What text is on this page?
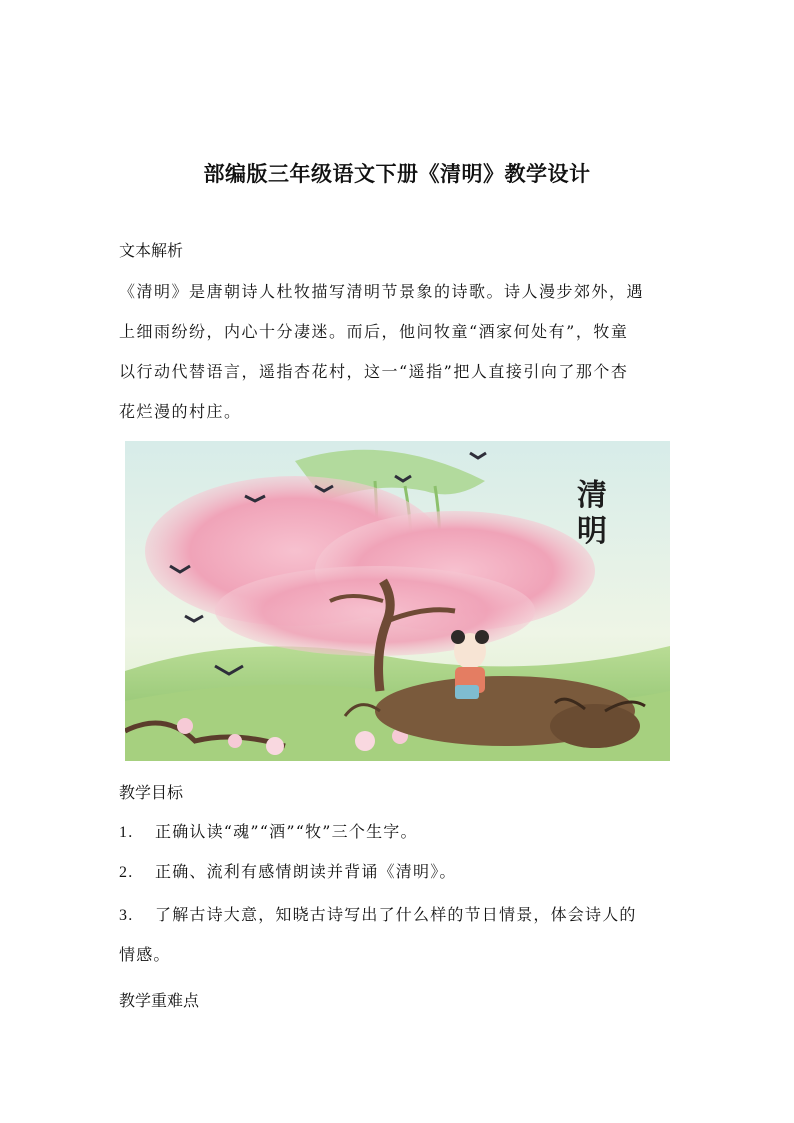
部编版三年级语文下册《清明》教学设计
文本解析
《清明》是唐朝诗人杜牧描写清明节景象的诗歌。诗人漫步郊外，遇
上细雨纷纷，内心十分凄迷。而后，他问牧童“酒家何处有”，牧童
以行动代替语言，遥指杏花村，这一“遥指”把人直接引向了那个杏
花烂漫的村庄。
清
明
教学目标
1. 正确认读“魂”“酒”“牧”三个生字。
2. 正确、流利有感情朗读并背诵《清明》。
3. 了解古诗大意，知晓古诗写出了什么样的节日情景，体会诗人的
情感。
教学重难点
